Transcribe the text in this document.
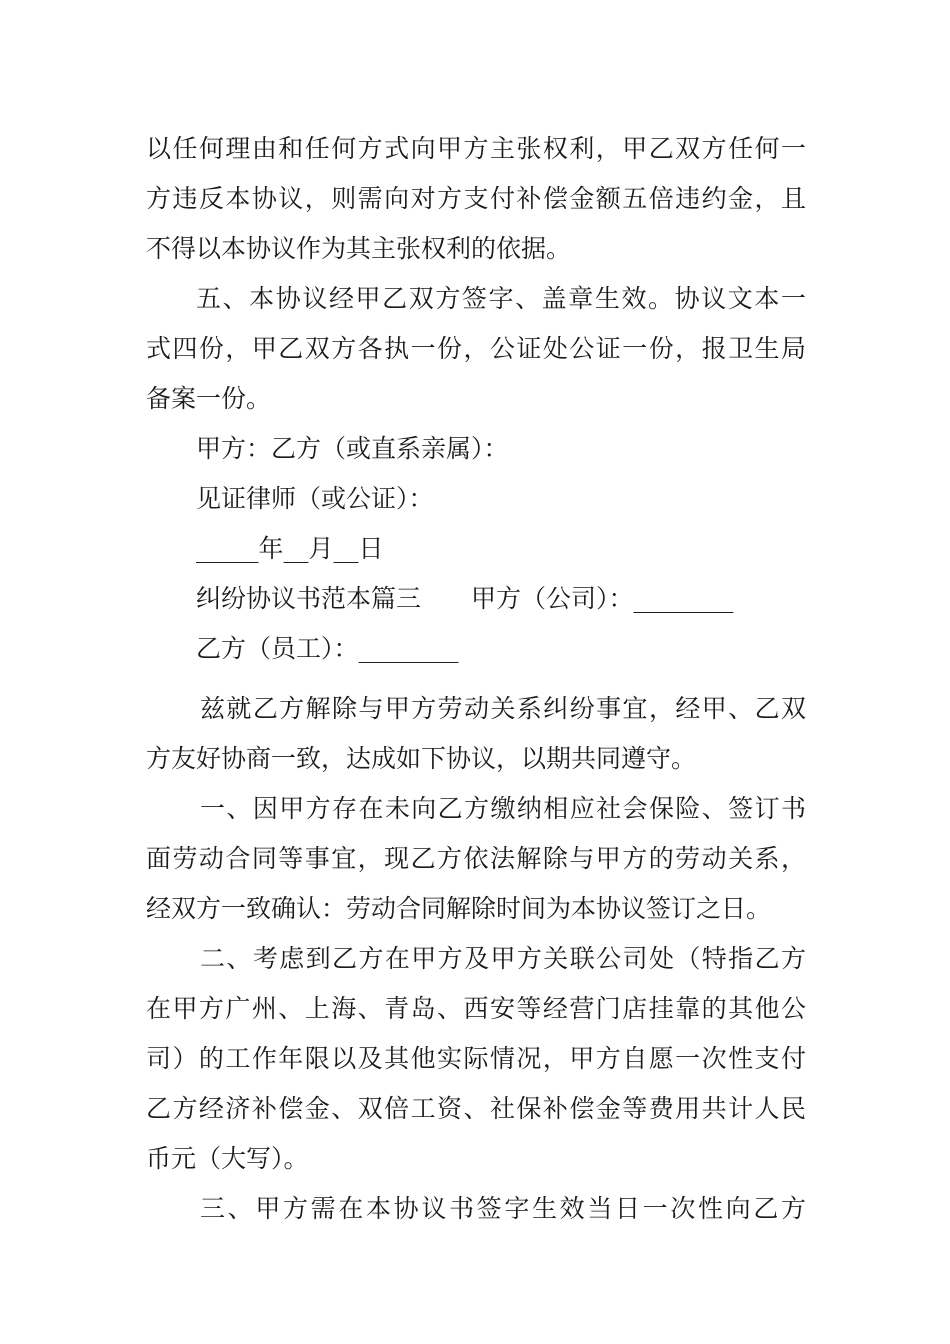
以任何理由和任何方式向甲方主张权利，甲乙双方任何一
方违反本协议，则需向对方支付补偿金额五倍违约金，且
不得以本协议作为其主张权利的依据。
五、本协议经甲乙双方签字、盖章生效。协议文本一
式四份，甲乙双方各执一份，公证处公证一份，报卫生局
备案一份。
甲方：乙方（或直系亲属）：
见证律师（或公证）：
_____年__月__日
纠纷协议书范本篇三　　甲方（公司）：________
乙方（员工）：________
兹就乙方解除与甲方劳动关系纠纷事宜，经甲、乙双
方友好协商一致，达成如下协议，以期共同遵守。
一、因甲方存在未向乙方缴纳相应社会保险、签订书
面劳动合同等事宜，现乙方依法解除与甲方的劳动关系，
经双方一致确认：劳动合同解除时间为本协议签订之日。
二、考虑到乙方在甲方及甲方关联公司处（特指乙方
在甲方广州、上海、青岛、西安等经营门店挂靠的其他公
司）的工作年限以及其他实际情况，甲方自愿一次性支付
乙方经济补偿金、双倍工资、社保补偿金等费用共计人民
币元（大写）。
三、甲方需在本协议书签字生效当日一次性向乙方
